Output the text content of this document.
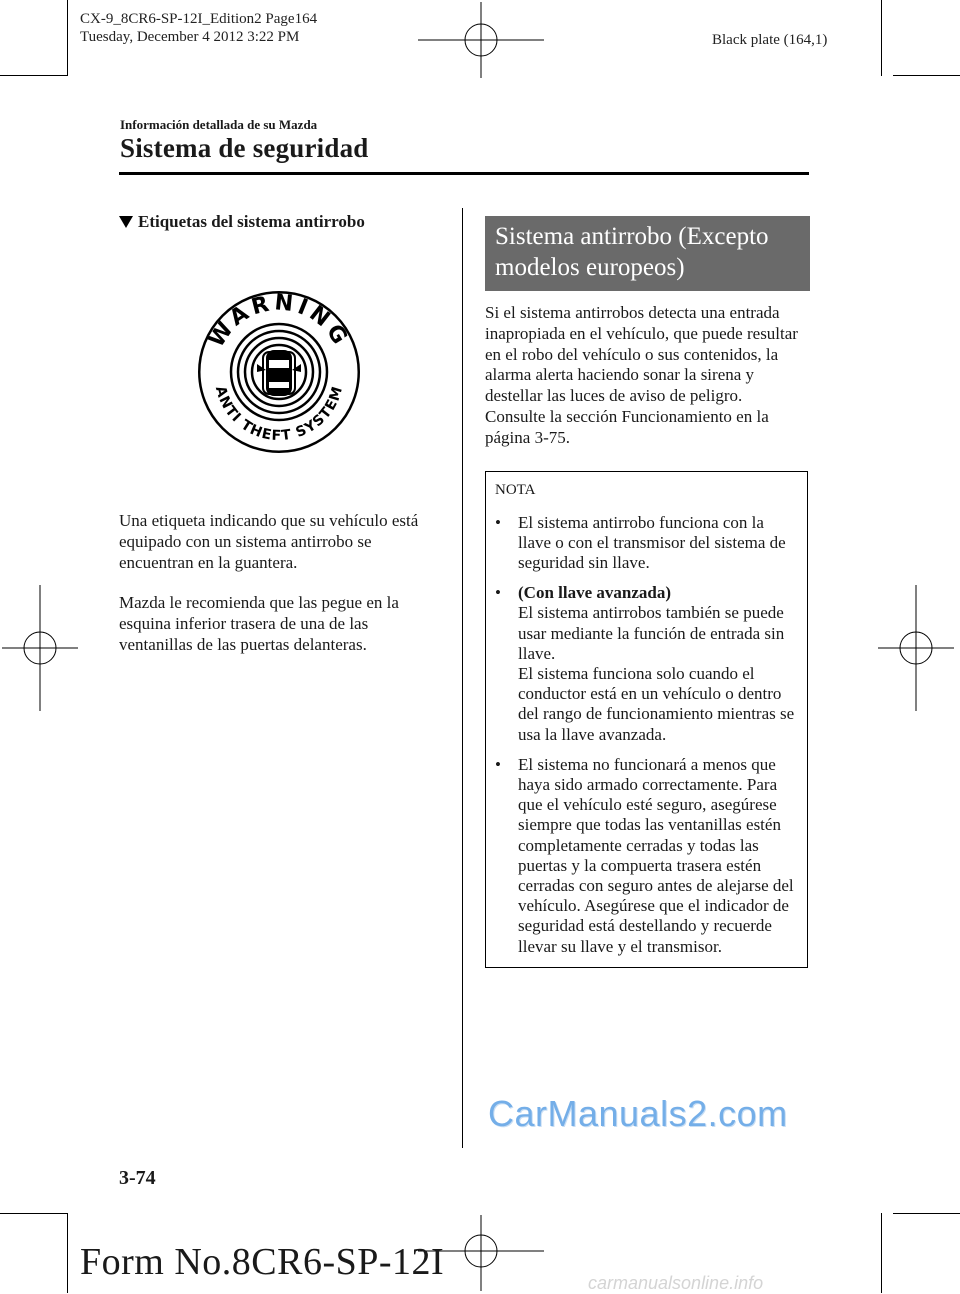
CX-9_8CR6-SP-12I_Edition2 Page164
Tuesday, December 4 2012 3:22 PM	Black plate (164,1)
Información detallada de su Mazda
Sistema de seguridad
Etiquetas del sistema antirrobo
WARNING
ANTI THEFT SYSTEM

Una etiqueta indicando que su vehículo está equipado con un sistema antirrobo se encuentran en la guantera.

Mazda le recomienda que las pegue en la esquina inferior trasera de una de las ventanillas de las puertas delanteras.

Sistema antirrobo (Excepto modelos europeos)

Si el sistema antirrobos detecta una entrada inapropiada en el vehículo, que puede resultar en el robo del vehículo o sus contenidos, la alarma alerta haciendo sonar la sirena y destellar las luces de aviso de peligro.

Consulte la sección Funcionamiento en la página 3-75.

NOTA
•	El sistema antirrobo funciona con la llave o con el transmisor del sistema de seguridad sin llave.
•	(Con llave avanzada)
El sistema antirrobos también se puede usar mediante la función de entrada sin llave.
El sistema funciona solo cuando el conductor está en un vehículo o dentro del rango de funcionamiento mientras se usa la llave avanzada.
•	El sistema no funcionará a menos que haya sido armado correctamente. Para que el vehículo esté seguro, asegúrese siempre que todas las ventanillas estén completamente cerradas y todas las puertas y la compuerta trasera estén cerradas con seguro antes de alejarse del vehículo. Asegúrese que el indicador de seguridad está destellando y recuerde llevar su llave y el transmisor.
CarManuals2.com
3-74
Form No.8CR6-SP-12I	carmanualsonline.info
